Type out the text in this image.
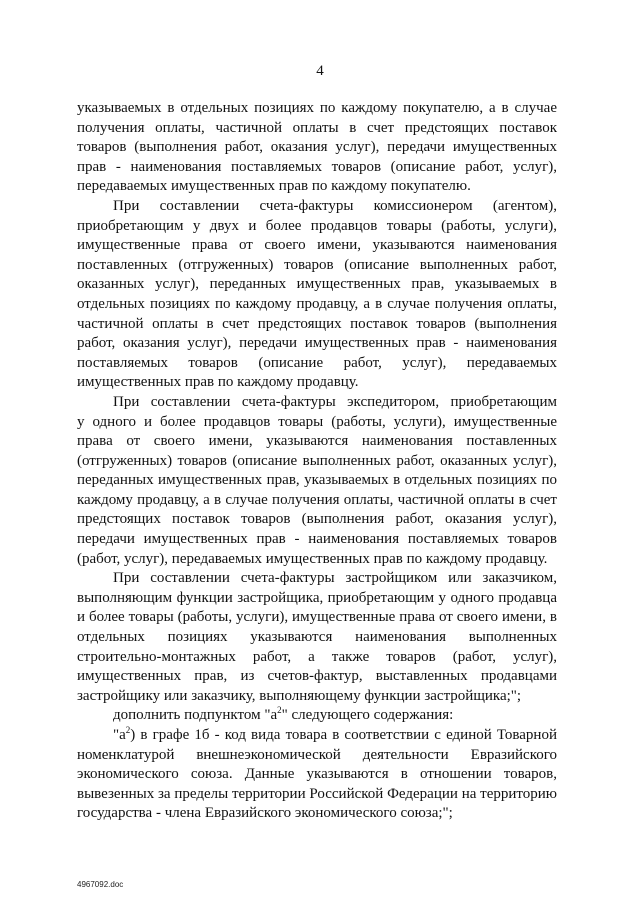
4
указываемых в отдельных позициях по каждому покупателю, а в случае
получения оплаты, частичной оплаты в счет предстоящих поставок
товаров (выполнения работ, оказания услуг), передачи имущественных
прав - наименования поставляемых товаров (описание работ, услуг),
передаваемых имущественных прав по каждому покупателю.
При составлении счета-фактуры комиссионером (агентом),
приобретающим у двух и более продавцов товары (работы, услуги),
имущественные права от своего имени, указываются наименования
поставленных (отгруженных) товаров (описание выполненных работ,
оказанных услуг), переданных имущественных прав, указываемых в
отдельных позициях по каждому продавцу, а в случае получения оплаты,
частичной оплаты в счет предстоящих поставок товаров (выполнения
работ, оказания услуг), передачи имущественных прав - наименования
поставляемых товаров (описание работ, услуг), передаваемых
имущественных прав по каждому продавцу.
При составлении счета-фактуры экспедитором, приобретающим
у одного и более продавцов товары (работы, услуги), имущественные
права от своего имени, указываются наименования поставленных
(отгруженных) товаров (описание выполненных работ, оказанных услуг),
переданных имущественных прав, указываемых в отдельных позициях по
каждому продавцу, а в случае получения оплаты, частичной оплаты в счет
предстоящих поставок товаров (выполнения работ, оказания услуг),
передачи имущественных прав - наименования поставляемых товаров
(работ, услуг), передаваемых имущественных прав по каждому продавцу.
При составлении счета-фактуры застройщиком или заказчиком,
выполняющим функции застройщика, приобретающим у одного продавца
и более товары (работы, услуги), имущественные права от своего имени, в
отдельных позициях указываются наименования выполненных
строительно-монтажных работ, а также товаров (работ, услуг),
имущественных прав, из счетов-фактур, выставленных продавцами
застройщику или заказчику, выполняющему функции застройщика;";
дополнить подпунктом "$а^2$" следующего содержания:
"$а^2$) в графе 1б - код вида товара в соответствии с единой Товарной
номенклатурой внешнеэкономической деятельности Евразийского
экономического союза. Данные указываются в отношении товаров,
вывезенных за пределы территории Российской Федерации на территорию
государства - члена Евразийского экономического союза;";
4967092.doc
